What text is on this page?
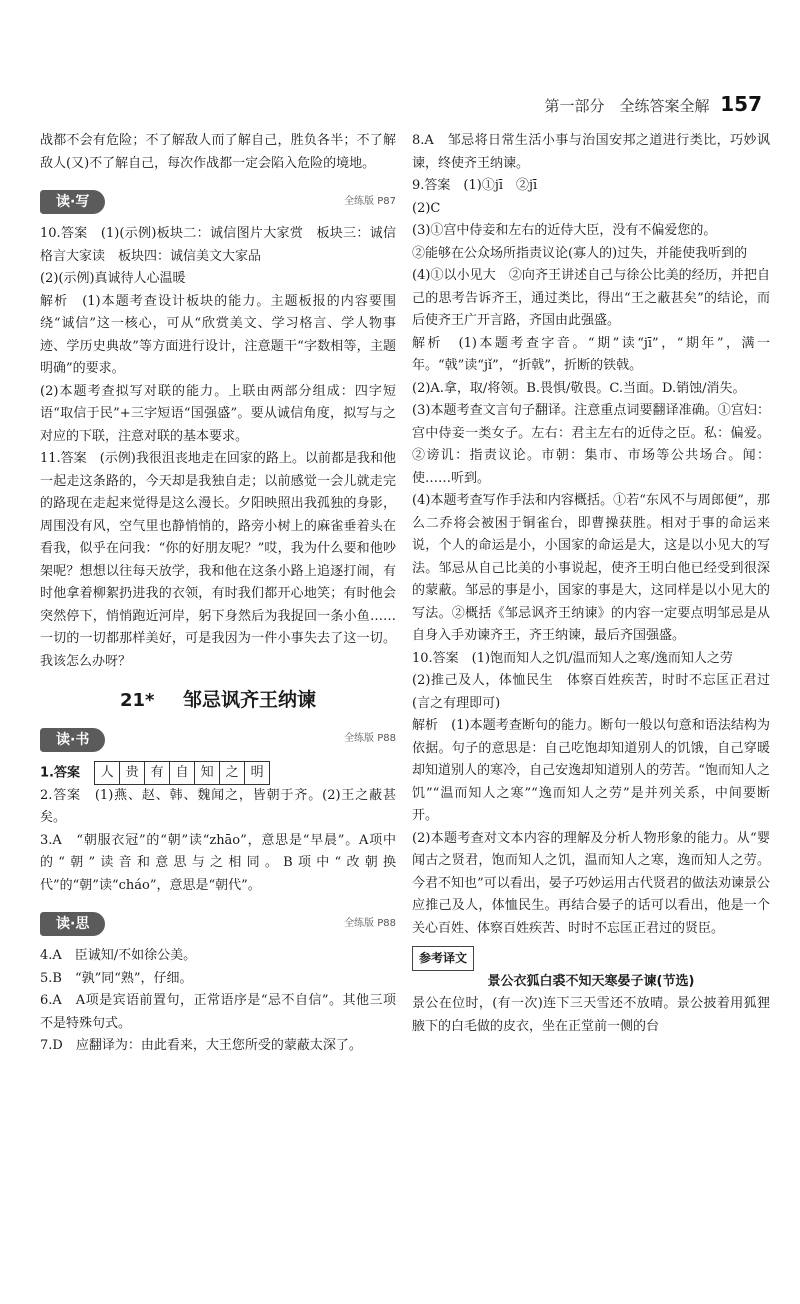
第一部分　全练答案全解 157

战都不会有危险；不了解敌人而了解自己，胜负各半；不了解敌人(又)不了解自己，每次作战都一定会陷入危险的境地。

读·写	全练版 P87

10.答案　(1)(示例)板块二：诚信图片大家赏　板块三：诚信格言大家读　板块四：诚信美文大家品

(2)(示例)真诚待人心温暖

解析　(1)本题考查设计板块的能力。主题板报的内容要围绕“诚信”这一核心，可从“欣赏美文、学习格言、学人物事迹、学历史典故”等方面进行设计，注意题干“字数相等，主题明确”的要求。

(2)本题考查拟写对联的能力。上联由两部分组成：四字短语“取信于民”+三字短语“国强盛”。要从诚信角度，拟写与之对应的下联，注意对联的基本要求。

11.答案　(示例)我很沮丧地走在回家的路上。以前都是我和他一起走这条路的，今天却是我独自走；以前感觉一会儿就走完的路现在走起来觉得是这么漫长。夕阳映照出我孤独的身影，周围没有风，空气里也静悄悄的，路旁小树上的麻雀垂着头在看我，似乎在问我：“你的好朋友呢？”哎，我为什么要和他吵架呢？想想以往每天放学，我和他在这条小路上追逐打闹，有时他拿着柳絮扔进我的衣领，有时我们都开心地笑；有时他会突然停下，悄悄跑近河岸，躬下身然后为我捉回一条小鱼……一切的一切都那样美好，可是我因为一件小事失去了这一切。我该怎么办呀？

21* 邹忌讽齐王纳谏
读·书	全练版 P88

1.答案	人 贵 有 自 知 之 明

2.答案　(1)燕、赵、韩、魏闻之，皆朝于齐。(2)王之蔽甚矣。

3.A　“朝服衣冠”的“朝”读“zhāo”，意思是“早晨”。A项中的“朝”读音和意思与之相同。B项中“改朝换代”的“朝”读“cháo”，意思是“朝代”。

读·思	全练版 P88

4.A　臣诚知/不如徐公美。

5.B　“孰”同“熟”，仔细。

6.A　A项是宾语前置句，正常语序是“忌不自信”。其他三项不是特殊句式。

7.D　应翻译为：由此看来，大王您所受的蒙蔽太深了。

8.A　邹忌将日常生活小事与治国安邦之道进行类比，巧妙讽谏，终使齐王纳谏。

9.答案　(1)①jī　②jī

(2)C

(3)①宫中侍妾和左右的近侍大臣，没有不偏爱您的。

②能够在公众场所指责议论(寡人的)过失，并能使我听到的

(4)①以小见大　②向齐王讲述自己与徐公比美的经历，并把自己的思考告诉齐王，通过类比，得出“王之蔽甚矣”的结论，而后使齐王广开言路，齐国由此强盛。

解析　(1)本题考查字音。“期”读“jī”，“期年”，满一年。“戟”读“jǐ”，“折戟”，折断的铁戟。

(2)A.拿，取/将领。B.畏惧/敬畏。C.当面。D.销蚀/消失。

(3)本题考查文言句子翻译。注意重点词要翻译准确。①宫妇：宫中侍妾一类女子。左右：君主左右的近侍之臣。私：偏爱。②谤讥：指责议论。市朝：集市、市场等公共场合。闻：使……听到。

(4)本题考查写作手法和内容概括。①若“东风不与周郎便”，那么二乔将会被困于铜雀台，即曹操获胜。相对于事的命运来说，个人的命运是小，小国家的命运是大，这是以小见大的写法。邹忌从自己比美的小事说起，使齐王明白他已经受到很深的蒙蔽。邹忌的事是小，国家的事是大，这同样是以小见大的写法。②概括《邹忌讽齐王纳谏》的内容一定要点明邹忌是从自身入手劝谏齐王，齐王纳谏，最后齐国强盛。

10.答案　(1)饱而知人之饥/温而知人之寒/逸而知人之劳

(2)推己及人，体恤民生　体察百姓疾苦，时时不忘匡正君过(言之有理即可)

解析　(1)本题考查断句的能力。断句一般以句意和语法结构为依据。句子的意思是：自己吃饱却知道别人的饥饿，自己穿暖却知道别人的寒冷，自己安逸却知道别人的劳苦。“饱而知人之饥”“温而知人之寒”“逸而知人之劳”是并列关系，中间要断开。

(2)本题考查对文本内容的理解及分析人物形象的能力。从“婴闻古之贤君，饱而知人之饥，温而知人之寒，逸而知人之劳。今君不知也”可以看出，晏子巧妙运用古代贤君的做法劝谏景公应推己及人，体恤民生。再结合晏子的话可以看出，他是一个关心百姓、体察百姓疾苦、时时不忘匡正君过的贤臣。

参考译文

景公衣狐白裘不知天寒晏子谏(节选)

景公在位时，(有一次)连下三天雪还不放晴。景公披着用狐狸腋下的白毛做的皮衣，坐在正堂前一侧的台
